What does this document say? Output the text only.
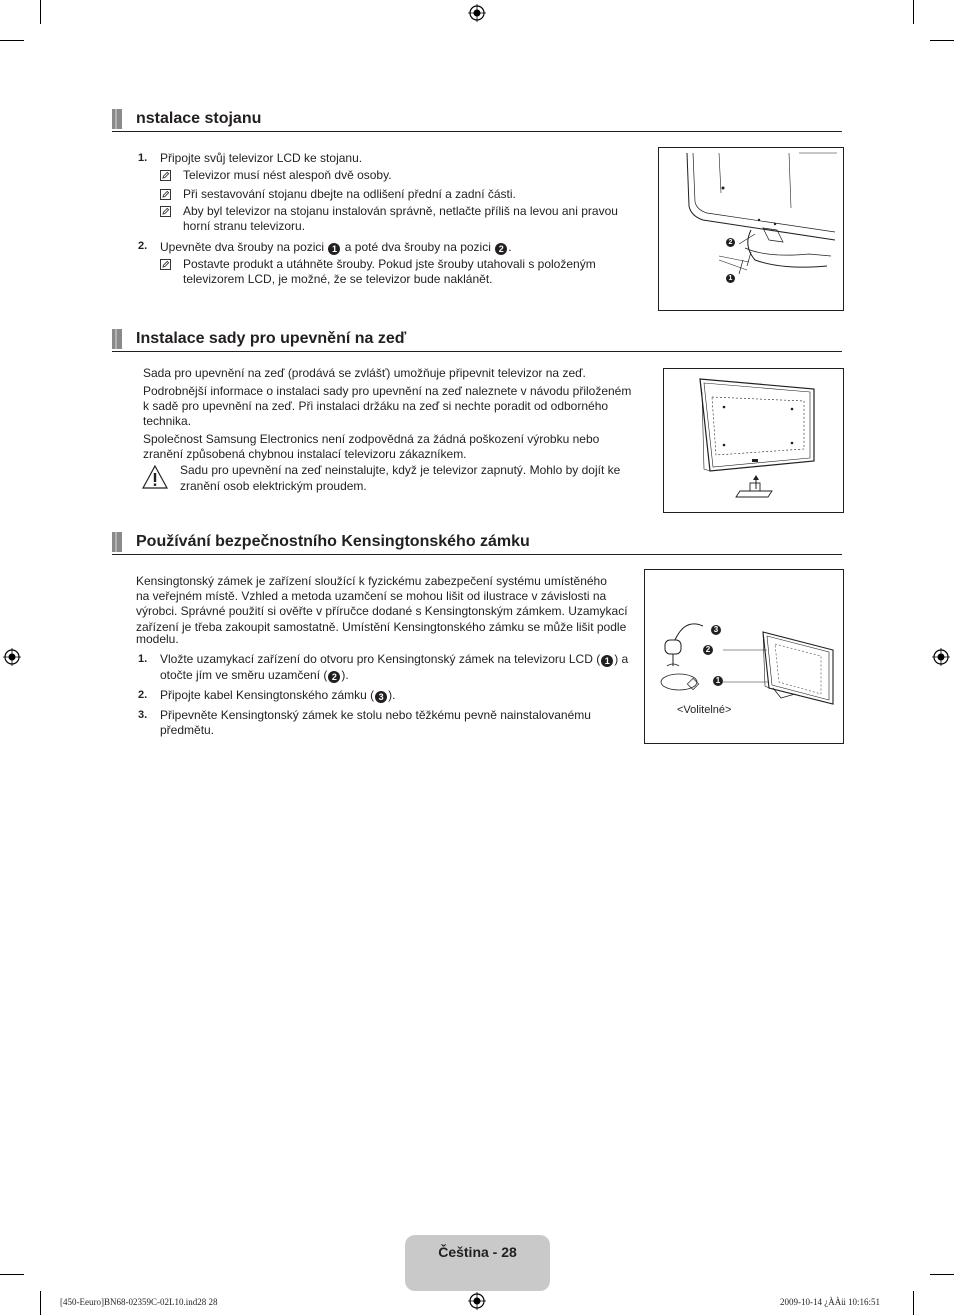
nstalace stojanu
1. Připojte svůj televizor LCD ke stojanu.
Televizor musí nést alespoň dvě osoby.
Při sestavování stojanu dbejte na odlišení přední a zadní části.
Aby byl televizor na stojanu instalován správně, netlačte příliš na levou ani pravou
horní stranu televizoru.
2. Upevněte dva šrouby na pozici 1 a poté dva šrouby na pozici 2 .
Postavte produkt a utáhněte šrouby. Pokud jste šrouby utahovali s položeným
televizorem LCD, je možné, že se televizor bude naklánět.
2
1
Instalace sady pro upevnění na zeď
Sada pro upevnění na zeď (prodává se zvlášť) umožňuje připevnit televizor na zeď.
Podrobnější informace o instalaci sady pro upevnění na zeď naleznete v návodu přiloženém
k sadě pro upevnění na zeď. Při instalaci držáku na zeď si nechte poradit od odborného
technika.
Společnost Samsung Electronics není zodpovědná za žádná poškození výrobku nebo
zranění způsobená chybnou instalací televizoru zákazníkem.
Sadu pro upevnění na zeď neinstalujte, když je televizor zapnutý. Mohlo by dojít ke
zranění osob elektrickým proudem.
Používání bezpečnostního Kensingtonského zámku
Kensingtonský zámek je zařízení sloužící k fyzickému zabezpečení systému umístěného
na veřejném místě. Vzhled a metoda uzamčení se mohou lišit od ilustrace v závislosti na
výrobci. Správné použití si ověřte v příručce dodané s Kensingtonským zámkem. Uzamykací
zařízení je třeba zakoupit samostatně. Umístění Kensingtonského zámku se může lišit podle
modelu.
1. Vložte uzamykací zařízení do otvoru pro Kensingtonský zámek na televizoru LCD ( 1 ) a
otočte jím ve směru uzamčení ( 2 ).
2. Připojte kabel Kensingtonského zámku ( 3 ).
3. Připevněte Kensingtonský zámek ke stolu nebo těžkému pevně nainstalovanému
předmětu.
3
2
1
<Volitelné>
Čeština - 28
[450-Eeuro]BN68-02359C-02L10.ind28 28	2009-10-14 ¿ÀÀü 10:16:51
